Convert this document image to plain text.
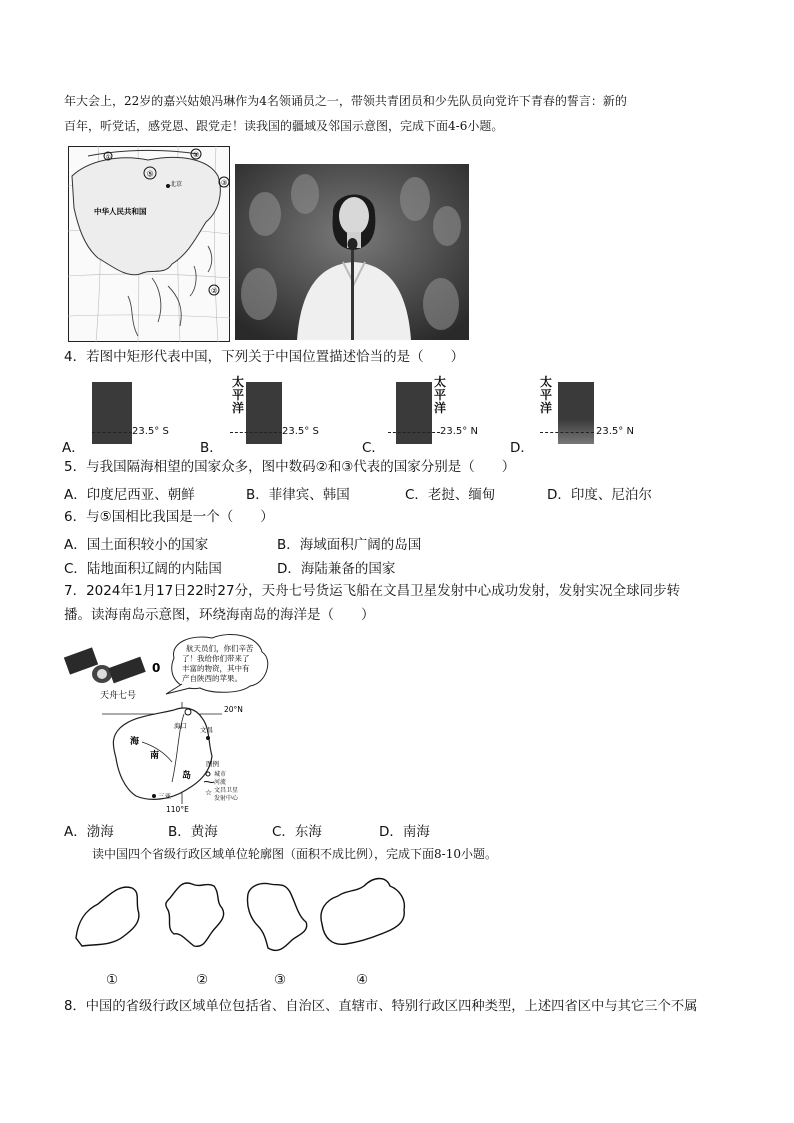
年大会上，22岁的嘉兴姑娘冯琳作为4名领诵员之一，带领共青团员和少先队员向党许下青春的誓言：新的
百年，听党话，感党恩、跟党走！读我国的疆域及邻国示意图，完成下面4-6小题。
北京
中华人民共和国
⑤
④
③
②
①
4．若图中矩形代表中国，下列关于中国位置描述恰当的是（　　）
A．
23.5° S
B．
太平洋
23.5° S
C．
太平洋
23.5° N
D．
太平洋
23.5° N
5．与我国隔海相望的国家众多，图中数码②和③代表的国家分别是（　　）
A．印度尼西亚、朝鲜	B．菲律宾、韩国	C．老挝、缅甸	D．印度、尼泊尔
6．与⑤国相比我国是一个（　　）
A．国土面积较小的国家	B．海域面积广阔的岛国
C．陆地面积辽阔的内陆国	D．海陆兼备的国家
7．2024年1月17日22时27分，天舟七号货运飞船在文昌卫星发射中心成功发射，发射实况全球同步转
播。读海南岛示意图，环绕海南岛的海洋是（　　）
0
天舟七号
航天员们，你们辛苦
了！我给你们带来了
丰富的物资，其中有
产自陕西的苹果。
20°N
110°E
海口 文昌
三亚
海
南
岛
图例
城市
河流
☆ 文昌卫星
发射中心
A．渤海	B．黄海	C．东海	D．南海
读中国四个省级行政区域单位轮廓图（面积不成比例），完成下面8-10小题。
①	②	③	④
8．中国的省级行政区域单位包括省、自治区、直辖市、特别行政区四种类型，上述四省区中与其它三个不属
